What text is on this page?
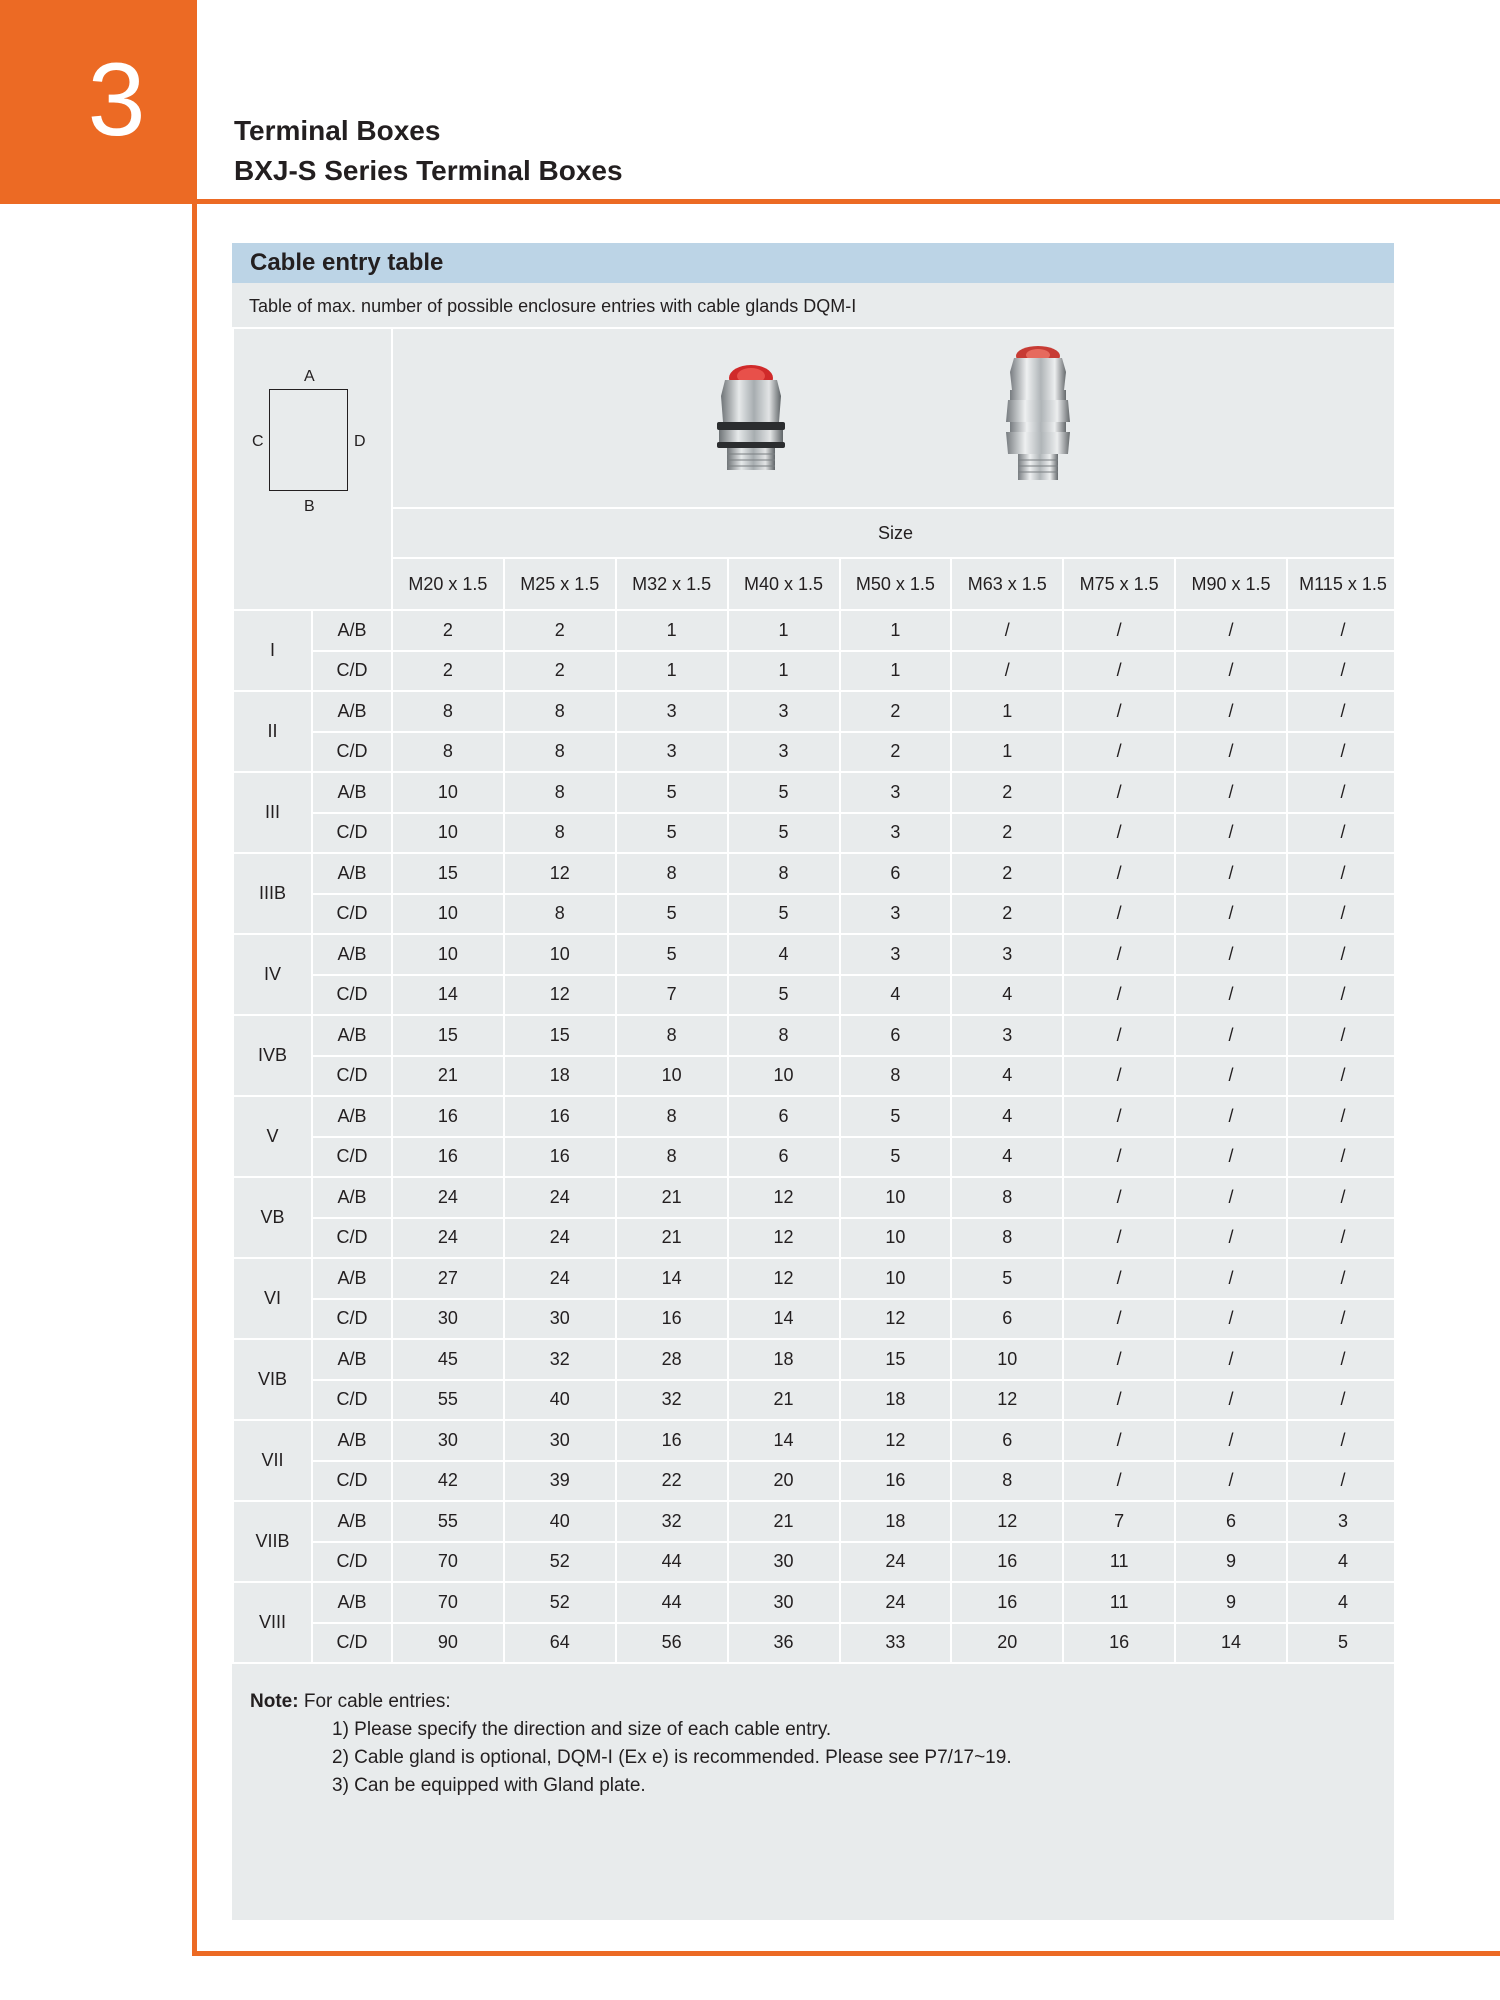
3	Terminal Boxes
BXJ-S Series Terminal Boxes
Cable entry table
Table of max. number of possible enclosure entries with cable glands DQM-I
A
B
C D

		Size								
		M20 x 1.5	M25 x 1.5	M32 x 1.5	M40 x 1.5	M50 x 1.5	M63 x 1.5	M75 x 1.5	M90 x 1.5	M115 x 1.5
I	A/B	2	2	1	1	1	/	/	/	/
	C/D	2	2	1	1	1	/	/	/	/
II	A/B	8	8	3	3	2	1	/	/	/
	C/D	8	8	3	3	2	1	/	/	/
III	A/B	10	8	5	5	3	2	/	/	/
	C/D	10	8	5	5	3	2	/	/	/
IIIB	A/B	15	12	8	8	6	2	/	/	/
	C/D	10	8	5	5	3	2	/	/	/
IV	A/B	10	10	5	4	3	3	/	/	/
	C/D	14	12	7	5	4	4	/	/	/
IVB	A/B	15	15	8	8	6	3	/	/	/
	C/D	21	18	10	10	8	4	/	/	/
V	A/B	16	16	8	6	5	4	/	/	/
	C/D	16	16	8	6	5	4	/	/	/
VB	A/B	24	24	21	12	10	8	/	/	/
	C/D	24	24	21	12	10	8	/	/	/
VI	A/B	27	24	14	12	10	5	/	/	/
	C/D	30	30	16	14	12	6	/	/	/
VIB	A/B	45	32	28	18	15	10	/	/	/
	C/D	55	40	32	21	18	12	/	/	/
VII	A/B	30	30	16	14	12	6	/	/	/
	C/D	42	39	22	20	16	8	/	/	/
VIIB	A/B	55	40	32	21	18	12	7	6	3
	C/D	70	52	44	30	24	16	11	9	4
VIII	A/B	70	52	44	30	24	16	11	9	4
	C/D	90	64	56	36	33	20	16	14	5
Note: For cable entries:
1) Please specify the direction and size of each cable entry.
2) Cable gland is optional, DQM-I (Ex e) is recommended. Please see P7/17~19.
3) Can be equipped with Gland plate.
